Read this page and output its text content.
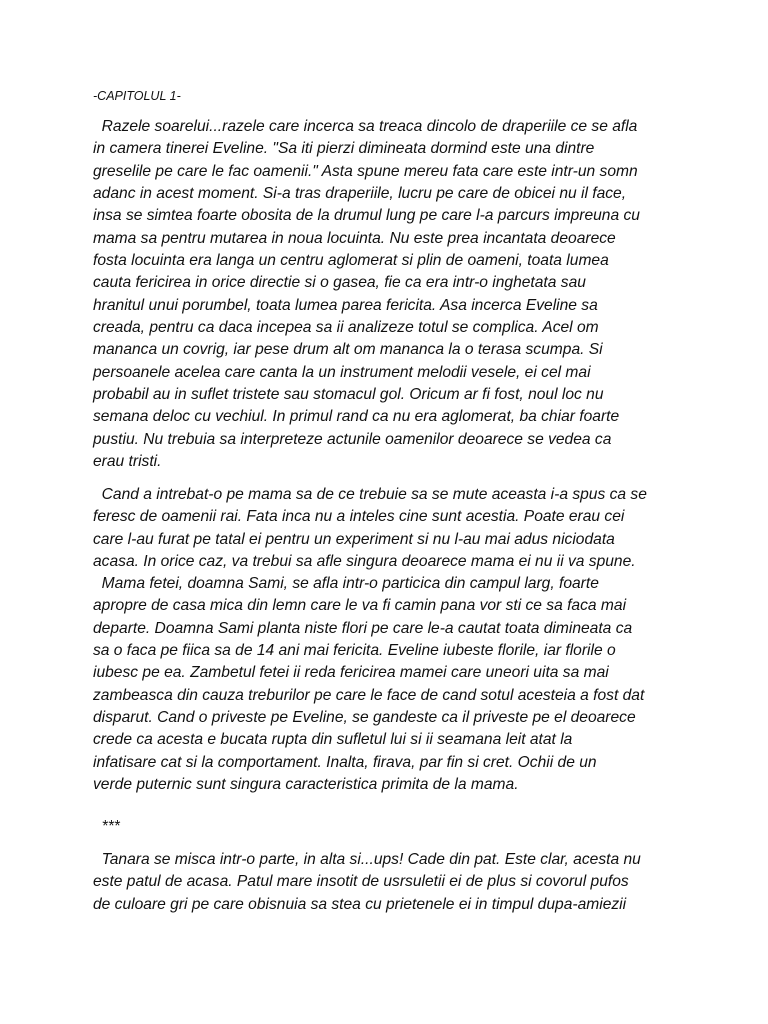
-CAPITOLUL 1-

Razele soarelui...razele care incerca sa treaca dincolo de draperiile ce se afla
in camera tinerei Eveline. "Sa iti pierzi dimineata dormind este una dintre
greselile pe care le fac oamenii." Asta spune mereu fata care este intr-un somn
adanc in acest moment. Si-a tras draperiile, lucru pe care de obicei nu il face,
insa se simtea foarte obosita de la drumul lung pe care l-a parcurs impreuna cu
mama sa pentru mutarea in noua locuinta. Nu este prea incantata deoarece
fosta locuinta era langa un centru aglomerat si plin de oameni, toata lumea
cauta fericirea in orice directie si o gasea, fie ca era intr-o inghetata sau
hranitul unui porumbel, toata lumea parea fericita. Asa incerca Eveline sa
creada, pentru ca daca incepea sa ii analizeze totul se complica. Acel om
mananca un covrig, iar pese drum alt om mananca la o terasa scumpa. Si
persoanele acelea care canta la un instrument melodii vesele, ei cel mai
probabil au in suflet tristete sau stomacul gol. Oricum ar fi fost, noul loc nu
semana deloc cu vechiul. In primul rand ca nu era aglomerat, ba chiar foarte
pustiu. Nu trebuia sa interpreteze actunile oamenilor deoarece se vedea ca
erau tristi.

Cand a intrebat-o pe mama sa de ce trebuie sa se mute aceasta i-a spus ca se
feresc de oamenii rai. Fata inca nu a inteles cine sunt acestia. Poate erau cei
care l-au furat pe tatal ei pentru un experiment si nu l-au mai adus niciodata
acasa. In orice caz, va trebui sa afle singura deoarece mama ei nu ii va spune.

Mama fetei, doamna Sami, se afla intr-o particica din campul larg, foarte
apropre de casa mica din lemn care le va fi camin pana vor sti ce sa faca mai
departe. Doamna Sami planta niste flori pe care le-a cautat toata dimineata ca
sa o faca pe fiica sa de 14 ani mai fericita. Eveline iubeste florile, iar florile o
iubesc pe ea. Zambetul fetei ii reda fericirea mamei care uneori uita sa mai
zambeasca din cauza treburilor pe care le face de cand sotul acesteia a fost dat
disparut. Cand o priveste pe Eveline, se gandeste ca il priveste pe el deoarece
crede ca acesta e bucata rupta din sufletul lui si ii seamana leit atat la
infatisare cat si la comportament. Inalta, firava, par fin si cret. Ochii de un
verde puternic sunt singura caracteristica primita de la mama.

***

Tanara se misca intr-o parte, in alta si...ups! Cade din pat. Este clar, acesta nu
este patul de acasa. Patul mare insotit de usrsuletii ei de plus si covorul pufos
de culoare gri pe care obisnuia sa stea cu prietenele ei in timpul dupa-amiezii
